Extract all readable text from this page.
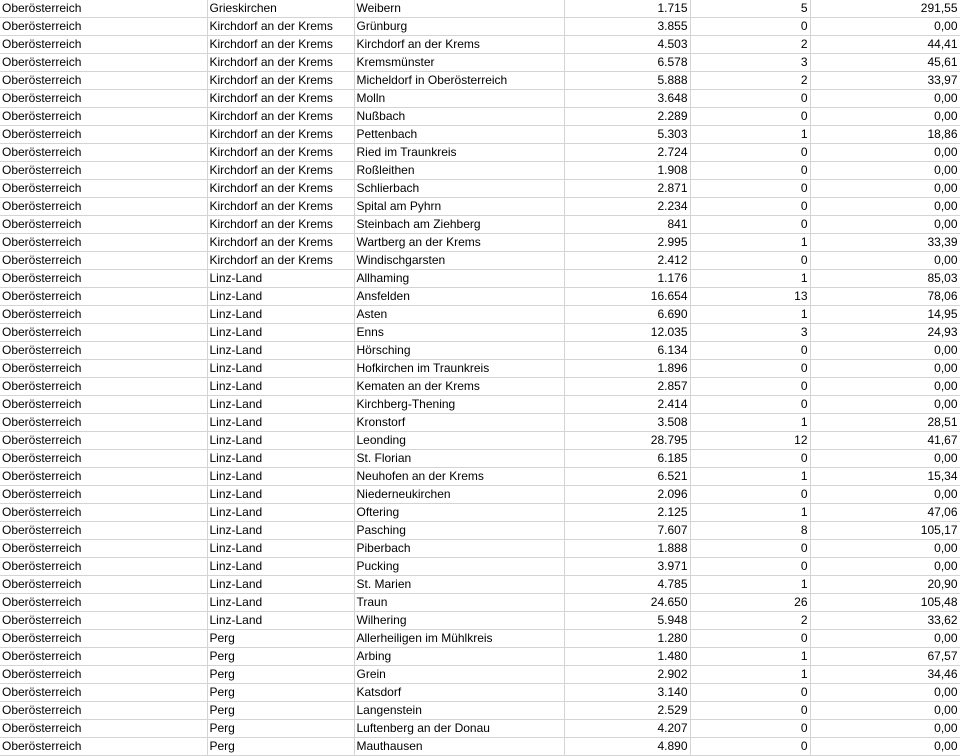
Oberösterreich	Grieskirchen	Weibern	1.715	5	291,55
Oberösterreich	Kirchdorf an der Krems	Grünburg	3.855	0	0,00
Oberösterreich	Kirchdorf an der Krems	Kirchdorf an der Krems	4.503	2	44,41
Oberösterreich	Kirchdorf an der Krems	Kremsmünster	6.578	3	45,61
Oberösterreich	Kirchdorf an der Krems	Micheldorf in Oberösterreich	5.888	2	33,97
Oberösterreich	Kirchdorf an der Krems	Molln	3.648	0	0,00
Oberösterreich	Kirchdorf an der Krems	Nußbach	2.289	0	0,00
Oberösterreich	Kirchdorf an der Krems	Pettenbach	5.303	1	18,86
Oberösterreich	Kirchdorf an der Krems	Ried im Traunkreis	2.724	0	0,00
Oberösterreich	Kirchdorf an der Krems	Roßleithen	1.908	0	0,00
Oberösterreich	Kirchdorf an der Krems	Schlierbach	2.871	0	0,00
Oberösterreich	Kirchdorf an der Krems	Spital am Pyhrn	2.234	0	0,00
Oberösterreich	Kirchdorf an der Krems	Steinbach am Ziehberg	841	0	0,00
Oberösterreich	Kirchdorf an der Krems	Wartberg an der Krems	2.995	1	33,39
Oberösterreich	Kirchdorf an der Krems	Windischgarsten	2.412	0	0,00
Oberösterreich	Linz-Land	Allhaming	1.176	1	85,03
Oberösterreich	Linz-Land	Ansfelden	16.654	13	78,06
Oberösterreich	Linz-Land	Asten	6.690	1	14,95
Oberösterreich	Linz-Land	Enns	12.035	3	24,93
Oberösterreich	Linz-Land	Hörsching	6.134	0	0,00
Oberösterreich	Linz-Land	Hofkirchen im Traunkreis	1.896	0	0,00
Oberösterreich	Linz-Land	Kematen an der Krems	2.857	0	0,00
Oberösterreich	Linz-Land	Kirchberg-Thening	2.414	0	0,00
Oberösterreich	Linz-Land	Kronstorf	3.508	1	28,51
Oberösterreich	Linz-Land	Leonding	28.795	12	41,67
Oberösterreich	Linz-Land	St. Florian	6.185	0	0,00
Oberösterreich	Linz-Land	Neuhofen an der Krems	6.521	1	15,34
Oberösterreich	Linz-Land	Niederneukirchen	2.096	0	0,00
Oberösterreich	Linz-Land	Oftering	2.125	1	47,06
Oberösterreich	Linz-Land	Pasching	7.607	8	105,17
Oberösterreich	Linz-Land	Piberbach	1.888	0	0,00
Oberösterreich	Linz-Land	Pucking	3.971	0	0,00
Oberösterreich	Linz-Land	St. Marien	4.785	1	20,90
Oberösterreich	Linz-Land	Traun	24.650	26	105,48
Oberösterreich	Linz-Land	Wilhering	5.948	2	33,62
Oberösterreich	Perg	Allerheiligen im Mühlkreis	1.280	0	0,00
Oberösterreich	Perg	Arbing	1.480	1	67,57
Oberösterreich	Perg	Grein	2.902	1	34,46
Oberösterreich	Perg	Katsdorf	3.140	0	0,00
Oberösterreich	Perg	Langenstein	2.529	0	0,00
Oberösterreich	Perg	Luftenberg an der Donau	4.207	0	0,00
Oberösterreich	Perg	Mauthausen	4.890	0	0,00
